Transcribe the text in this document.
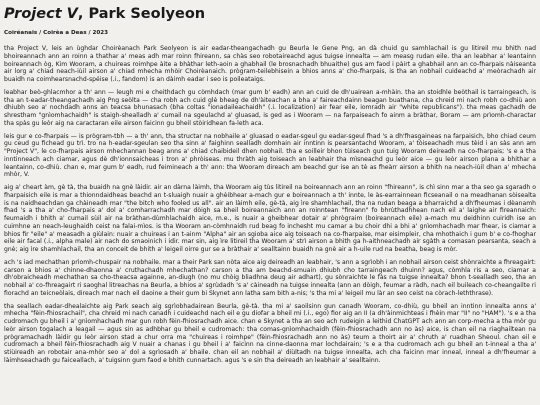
Project V, Park Seolyeon
Coiréanais / Coirèa a Deas / 2023

tha Project V, leis an ùghdar Choirèanach Park Seolyeon is air eadar-theangachadh gu Beurla le Gene Png, an dà chuid gu samhlachail is gu litireil mu bhith nad bhoireannach ann an roinn a thathar a' meas adh mar roinn fhireann, sa chàs seo robotaireachd agus tuigse innealta — am measg rudan eile. tha an leabhar a' leantainn boireannach òg, Kim Wooram, a chuireas roimhpe àite a bhàthar leth-aoin a ghabhail (le brosnachadh bhuaithe) gus am faod i pàirt a ghabhail ann an co-fharpais nàiseanta air lorg a' chiad neach-iùil airson a' chiad mhecha mhòir Choirèanaich. prògram-teilebhisein a bhios anns a' cho-fharpais, is tha an nobhail cuideachd a' meòrachadh air buaidh na coimhearsnachd-spéise (.i., fandom) is an dàimh eadar i seo is poileataigs.

leabhar beò-ghlacmhor a th' ann — leugh mi e cheithdach gu còmhdach (mar gum b' eadh) ann an cuid de dh'uairean a-mhàin. tha an stoidhle beòthail is tarraingeach, is tha an t-eadar-theangachadh aig Png seòlta — cha robh ach cuid glè bheag de dh'àiteachan a bha a' faireachdainn beagan buathana, cha chreid mi nach robh co-dhiù aon dhiubh seo a' nochdadh anns an teacsa bhunasach (bha coltas "ionadaileachaidh" (.i. localization) air fear eile, iomradh air "white republicans"). tha meas gachadh de shrestham "gnìomhachaidh" is staigh-shealladh a' cumail na sgeulachd a' gluasad, is ged as i Wooram — na farpaiseach fo ainm a bràthar, Boram — am prìomh-charactar tha spàs gu leòr aig na caractaran eile airson faicinn gu bheil stòiridhean fa-leth aca.

leis gur e co-fharpais — is prògram-tbh — a th' ann, tha structar na nobhaile a' gluasad o eadar-sgeul gu eadar-sgeul fhad 's a dh'fhasgaineas na farpaisich, bho chiad ceum gu ceud gu fichead gu trì. tro na h-eadar-sgeulan seo tha sinn a' faighinn sealladh domhain air inntinn is pearsantachd Wooram, a' tòiseachadh mus tèid i an sàs ann am "Project V", le co-fharpais airson mhechannan beag anns a' chiad chaibideil dhen nobhail. tha e soilleir bhon tùiseach gun tuig Wooram deireadh na co-fharpais; 's e a tha inntinneach ach ciamar, agus dè dh'ionnsaicheas i tron a' phròiseas. mu thràth aig toiseach an leabhair tha mìsneachd gu leòr aice — gu leòr airson plana a bhithar a leantainn, co-dhiù. chan e, mar gum b' eadh, rud feimineach a th' ann: tha Wooram direach am beachd gur ise an tè as fheàrr airson a bhith na neach-iùil dhan a' mhecha mhòr, V.

aig a' cheart àm, gè tà, tha buaidh na gnè làidir. air an dàrna làimh, tha Wooram aig tùs litireil na boireannach ann an roinn "fhireann", is chì sinn mar a tha seo ga sgaradh o fharpaisich eile is mar a thionndaidheas beachd an t-sluaigh nuair a ghèibhear a-mach gur e boireannach a th' innte, le às-earrainnean ficseanail o na meadhanan sòisealta is na naidheachdan ga chàineadh mar "the bitch who fooled us all". air an làimh eile, gè-tà, aig ìre shamhlachail, tha na rudan beaga a bharraichd a dh'fheumas i dèanamh fhad 's a tha a' cho-fharpais a' dol a' comharrachadh mar dòigh sa bheil boireannaich ann an roinntean "fireann" fo bhrùthadhhean nach eil a' laighe air fireannaich: feumaidh i bhith a' cumail sùil air na bràthan-dùmhlachaidh aice, m.e., is nuair a gheibhear dotair a' phrògraim (boireannach eile) a-mach mu deidhinn cuiridh ise an cuimhne an neach-leughaidh ceist na falai-mìos. is tha Wooram an-còmhnaidh rud beag fo inchesht mu camar a bu choir dhi a bhi a' gnìomhachadh mar fhear, is ciamar a bhios fir "eile" a' measadh a giùlain: nuair a chuireas i an t-ainm "Alpha" air an sgioba aice aig toiseach na co-fharpaise, mar eisimpleir, cha mhothaich i gum b' e co-fhoghar eile air facal (.i., alpha male) air nach do smaoinich i idir. mar sin, aig ìre litireil tha Wooram a' strì airson a bhith ga h-aithneachadh air sgàth a comasan pearsanta, seach a gnè; aig ìre shamhlachail, tha an conceit de bhith a' leigeil oirre gur se a bràthair a' sealltainn buaidh na gnè air a h-uile rud na beatha, beag is mòr.

ach 's iad mechathan prìomh-chuspair na nobhaile. mar a their Park san nòta aice aig deireadh an leabhair, 's ann a sgrìobh i an nobhail airson ceist shònraichte a fhreagairt: carson a bhios a' chinne-dhaonna a' cruthachadh mhechathan? carson a tha am beachd-smuain dhiubh cho tarraingeach dhuinn? agus, còmhla ris a seo, ciamar a dh'obraicheadh mechathan sa cho-theacsa againne, an-diugh (no mu chòig bliadhna deug air adhart), gu sònraichte le fàs na tuigse innealta? bhon t-sealladh seo, tha an nobhail a' co-fhreagairt ri saoghal litreachas na Beurla, a bhios a' sgrùdadh 's a' càineadh na tuigse innealta (ann an dòigh, feumar a ràdh, nach eil buileach co-cheangailte ri fìorachd an teicneòlais, direach mar nach eil daoine a their gum bi Skynet ann latha sam bith a-nis; 's tha mi a' leigeil mu làr an seo ceist na còrach-leththrase).

tha seallach eadar-dhealaichte aig Park seach aig sgrìobhadairean Beurla, gè-tà. tha mi a' saoilsinn gun canadh Wooram, co-dhiù, gu bheil an inntinn innealta anns a' mhecha "fèin-fhiosrachail", cha chreid mi nach canadh i cuideachd nach eil e gu diofar a bheil mi (.i., ego) fior aig an II (a dh'àinmichteas i fhèin mar "II" no "HAM"). 's e a tha cudromach gu bheil i a' gnìomhachadh mar gun robh fèin-fhiosrachadh aice. chan e Skynet a tha an seo ach rudeigin a leithid ChatGPT ach ann an corp-mecha a tha mòr gu leòr airson togalach a leagail — agus sin as adhbhar gu bheil e cudromach: tha comas-gnìomhachaidh (fèin-fhiosrachadh ann no às) aice, is chan eil na riaghailtean na prògramachadh làidir gu leòr airson stad a chur orra ma "chuireas i roimhpe" (fèin-fhiosrachadh ann no às) teum a thoirt air a' chruth a' ruadhan Sheoul. chan eil e cudromach a bheil fèin-fhiosrachadh aig V nuair a chanas i gu bheil i a' faicinn na cinne-daonna mar lochdairain; 's e a tha cudromach ach gu bheil an t-inneal a tha a' stiùireadh an robotair ana-mhòr seo a' dol a sgrìosadh a' bhaile. chan eil an nobhail a' diùltadh na tuigse innealta, ach cha faicinn mar inneal, inneal a dh'fheumar a làimhseachadh gu faiceallach, a' tuigsinn gum faod e bhith cunnartach. agus 's e sin tha deireadh an leabhair a' sealltainn.
